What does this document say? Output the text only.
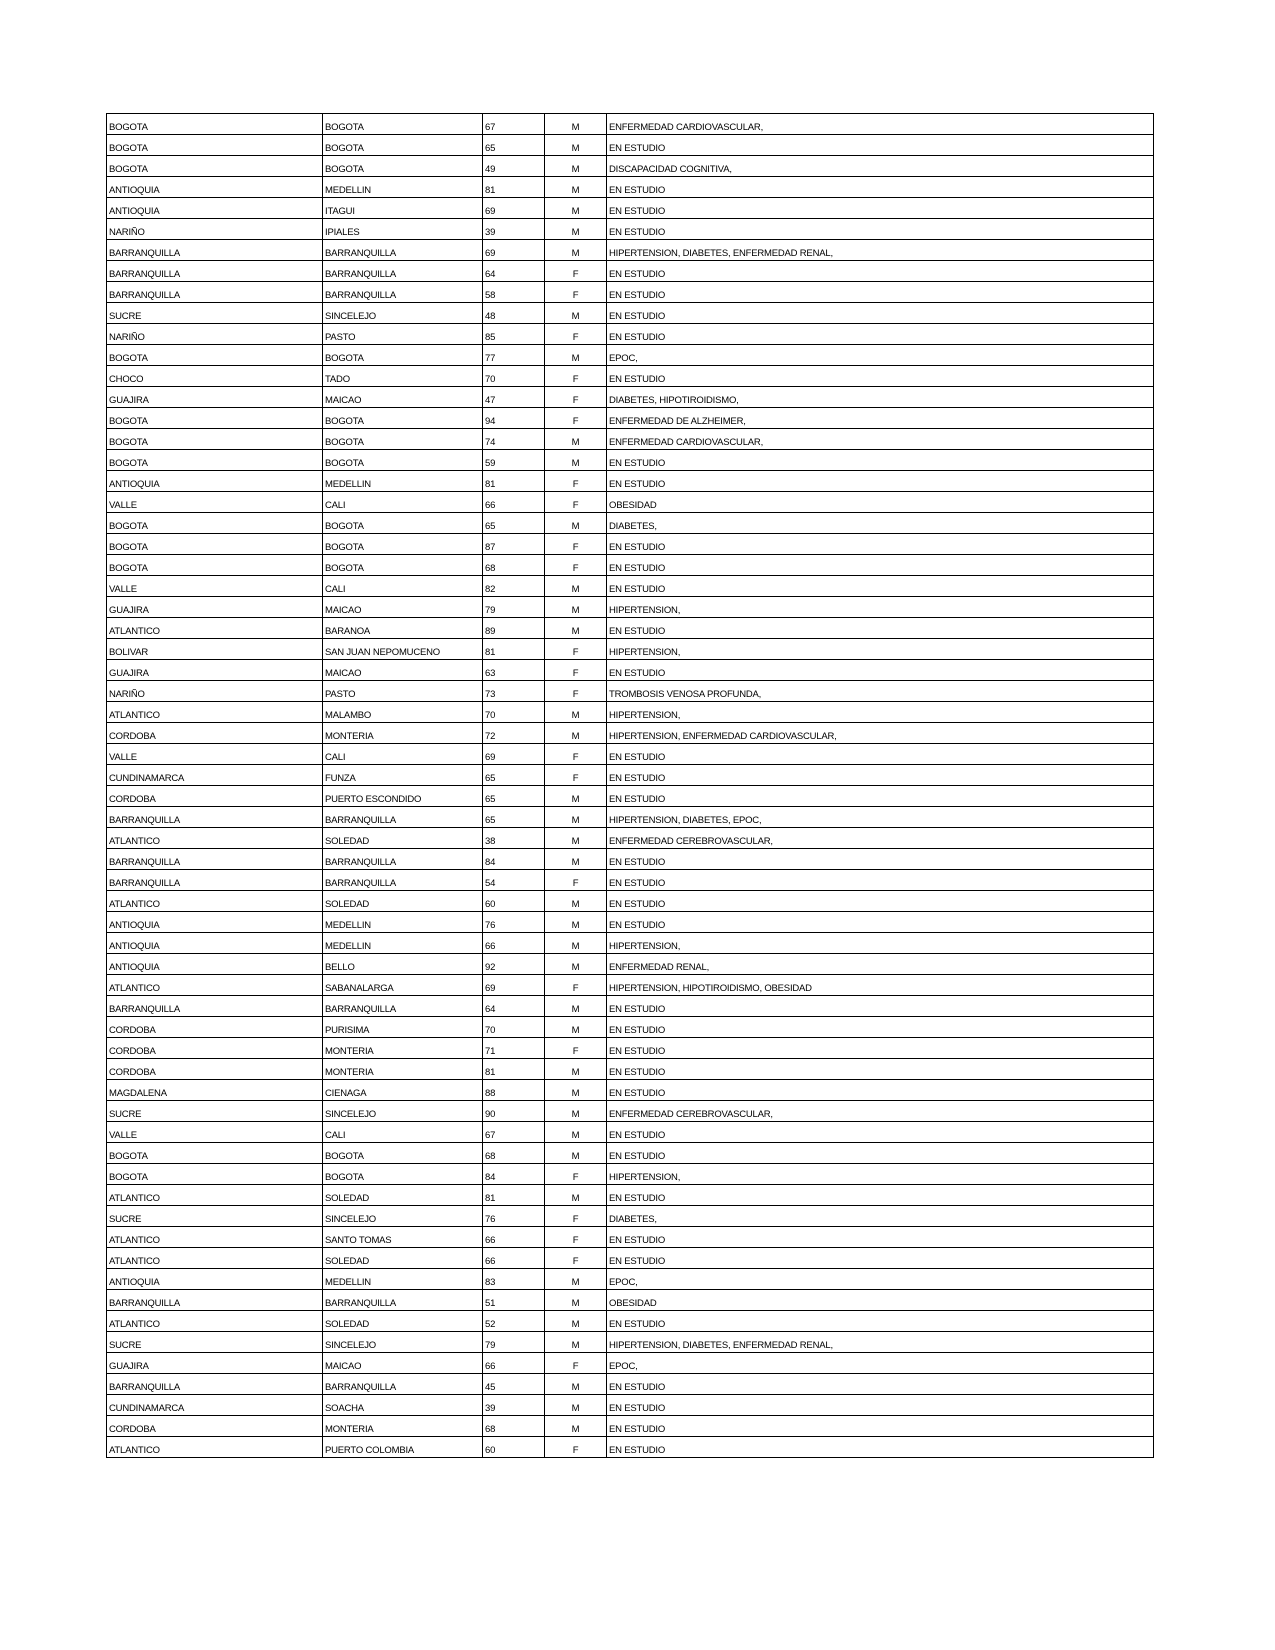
BOGOTA	BOGOTA	67	M	ENFERMEDAD CARDIOVASCULAR,
BOGOTA	BOGOTA	65	M	EN ESTUDIO
BOGOTA	BOGOTA	49	M	DISCAPACIDAD COGNITIVA,
ANTIOQUIA	MEDELLIN	81	M	EN ESTUDIO
ANTIOQUIA	ITAGUI	69	M	EN ESTUDIO
NARIÑO	IPIALES	39	M	EN ESTUDIO
BARRANQUILLA	BARRANQUILLA	69	M	HIPERTENSION, DIABETES, ENFERMEDAD RENAL,
BARRANQUILLA	BARRANQUILLA	64	F	EN ESTUDIO
BARRANQUILLA	BARRANQUILLA	58	F	EN ESTUDIO
SUCRE	SINCELEJO	48	M	EN ESTUDIO
NARIÑO	PASTO	85	F	EN ESTUDIO
BOGOTA	BOGOTA	77	M	EPOC,
CHOCO	TADO	70	F	EN ESTUDIO
GUAJIRA	MAICAO	47	F	DIABETES, HIPOTIROIDISMO,
BOGOTA	BOGOTA	94	F	ENFERMEDAD DE ALZHEIMER,
BOGOTA	BOGOTA	74	M	ENFERMEDAD CARDIOVASCULAR,
BOGOTA	BOGOTA	59	M	EN ESTUDIO
ANTIOQUIA	MEDELLIN	81	F	EN ESTUDIO
VALLE	CALI	66	F	OBESIDAD
BOGOTA	BOGOTA	65	M	DIABETES,
BOGOTA	BOGOTA	87	F	EN ESTUDIO
BOGOTA	BOGOTA	68	F	EN ESTUDIO
VALLE	CALI	82	M	EN ESTUDIO
GUAJIRA	MAICAO	79	M	HIPERTENSION,
ATLANTICO	BARANOA	89	M	EN ESTUDIO
BOLIVAR	SAN JUAN NEPOMUCENO	81	F	HIPERTENSION,
GUAJIRA	MAICAO	63	F	EN ESTUDIO
NARIÑO	PASTO	73	F	TROMBOSIS VENOSA PROFUNDA,
ATLANTICO	MALAMBO	70	M	HIPERTENSION,
CORDOBA	MONTERIA	72	M	HIPERTENSION, ENFERMEDAD CARDIOVASCULAR,
VALLE	CALI	69	F	EN ESTUDIO
CUNDINAMARCA	FUNZA	65	F	EN ESTUDIO
CORDOBA	PUERTO ESCONDIDO	65	M	EN ESTUDIO
BARRANQUILLA	BARRANQUILLA	65	M	HIPERTENSION, DIABETES, EPOC,
ATLANTICO	SOLEDAD	38	M	ENFERMEDAD CEREBROVASCULAR,
BARRANQUILLA	BARRANQUILLA	84	M	EN ESTUDIO
BARRANQUILLA	BARRANQUILLA	54	F	EN ESTUDIO
ATLANTICO	SOLEDAD	60	M	EN ESTUDIO
ANTIOQUIA	MEDELLIN	76	M	EN ESTUDIO
ANTIOQUIA	MEDELLIN	66	M	HIPERTENSION,
ANTIOQUIA	BELLO	92	M	ENFERMEDAD RENAL,
ATLANTICO	SABANALARGA	69	F	HIPERTENSION, HIPOTIROIDISMO, OBESIDAD
BARRANQUILLA	BARRANQUILLA	64	M	EN ESTUDIO
CORDOBA	PURISIMA	70	M	EN ESTUDIO
CORDOBA	MONTERIA	71	F	EN ESTUDIO
CORDOBA	MONTERIA	81	M	EN ESTUDIO
MAGDALENA	CIENAGA	88	M	EN ESTUDIO
SUCRE	SINCELEJO	90	M	ENFERMEDAD CEREBROVASCULAR,
VALLE	CALI	67	M	EN ESTUDIO
BOGOTA	BOGOTA	68	M	EN ESTUDIO
BOGOTA	BOGOTA	84	F	HIPERTENSION,
ATLANTICO	SOLEDAD	81	M	EN ESTUDIO
SUCRE	SINCELEJO	76	F	DIABETES,
ATLANTICO	SANTO TOMAS	66	F	EN ESTUDIO
ATLANTICO	SOLEDAD	66	F	EN ESTUDIO
ANTIOQUIA	MEDELLIN	83	M	EPOC,
BARRANQUILLA	BARRANQUILLA	51	M	OBESIDAD
ATLANTICO	SOLEDAD	52	M	EN ESTUDIO
SUCRE	SINCELEJO	79	M	HIPERTENSION, DIABETES, ENFERMEDAD RENAL,
GUAJIRA	MAICAO	66	F	EPOC,
BARRANQUILLA	BARRANQUILLA	45	M	EN ESTUDIO
CUNDINAMARCA	SOACHA	39	M	EN ESTUDIO
CORDOBA	MONTERIA	68	M	EN ESTUDIO
ATLANTICO	PUERTO COLOMBIA	60	F	EN ESTUDIO
